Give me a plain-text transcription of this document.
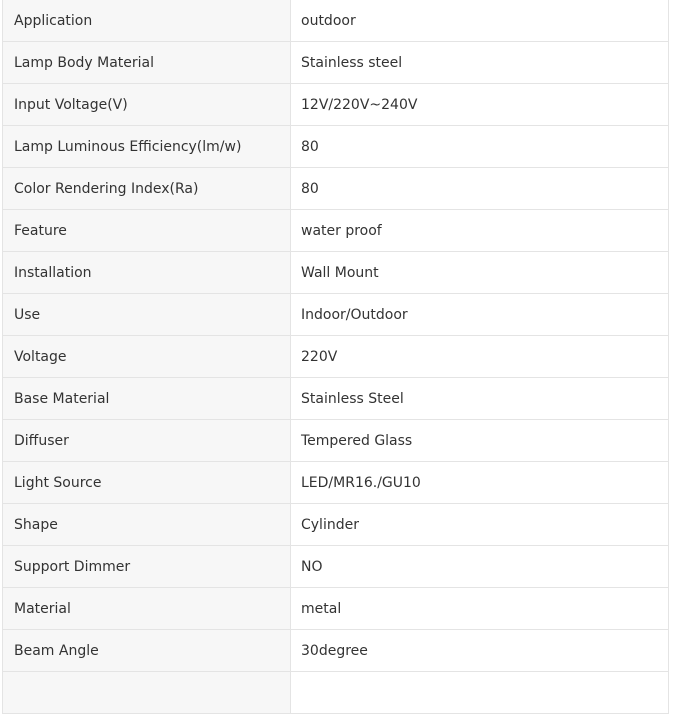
Application	outdoor
Lamp Body Material	Stainless steel
Input Voltage(V)	12V/220V~240V
Lamp Luminous Efficiency(lm/w)	80
Color Rendering Index(Ra)	80
Feature	water proof
Installation	Wall Mount
Use	Indoor/Outdoor
Voltage	220V
Base Material	Stainless Steel
Diffuser	Tempered Glass
Light Source	LED/MR16./GU10
Shape	Cylinder
Support Dimmer	NO
Material	metal
Beam Angle	30degree
